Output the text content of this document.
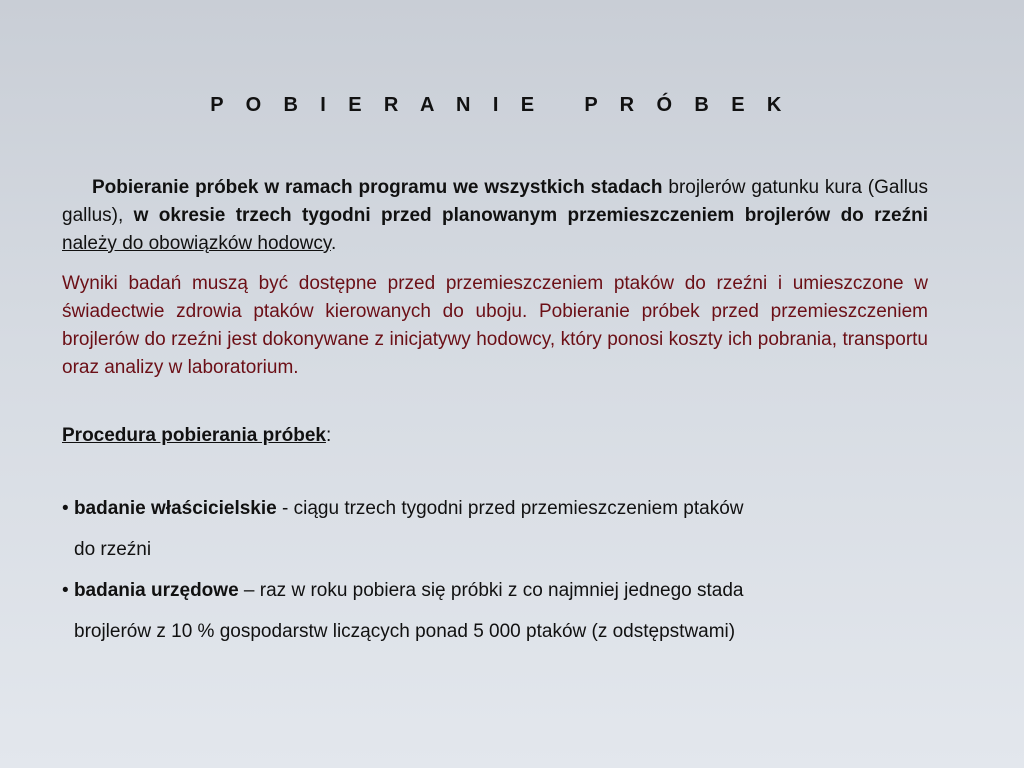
P O B I E R A N I E   P R Ó B E K

Pobieranie próbek w ramach programu we wszystkich stadach brojlerów gatunku kura (Gallus gallus), w okresie trzech tygodni przed planowanym przemieszczeniem brojlerów do rzeźni należy do obowiązków hodowcy.

Wyniki badań muszą być dostępne przed przemieszczeniem ptaków do rzeźni i umieszczone w świadectwie zdrowia ptaków kierowanych do uboju. Pobieranie próbek przed przemieszczeniem brojlerów do rzeźni jest dokonywane z inicjatywy hodowcy, który ponosi koszty ich pobrania, transportu oraz analizy w laboratorium.

Procedura pobierania próbek:
• badanie właścicielskie - ciągu trzech tygodni przed przemieszczeniem ptaków
do rzeźni
• badania urzędowe – raz w roku pobiera się próbki z co najmniej jednego stada
brojlerów z 10 % gospodarstw liczących ponad 5 000 ptaków (z odstępstwami)
